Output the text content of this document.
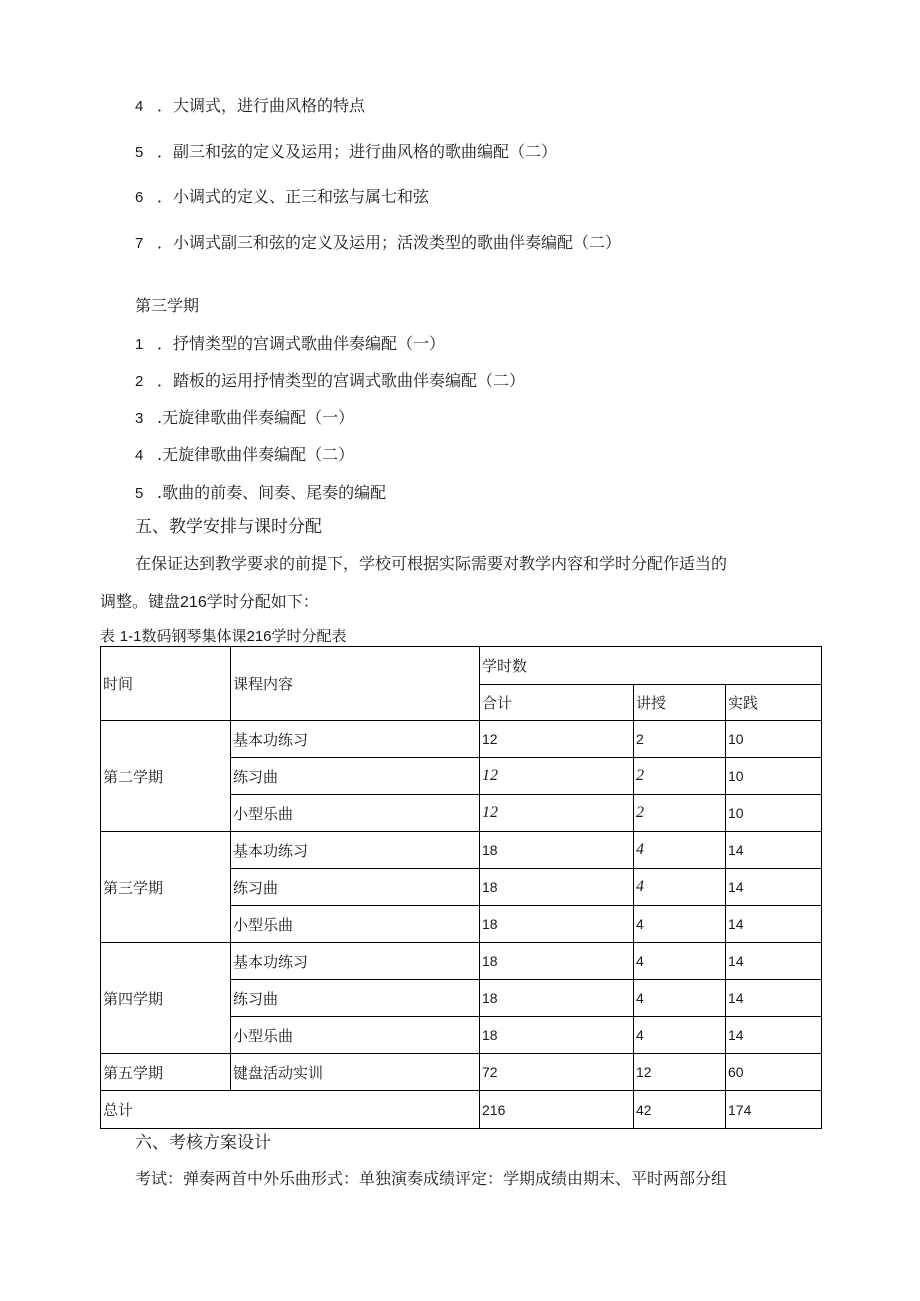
4 ．大调式，进行曲风格的特点
5 ．副三和弦的定义及运用；进行曲风格的歌曲编配（二）
6 ．小调式的定义、正三和弦与属七和弦
7 ．小调式副三和弦的定义及运用；活泼类型的歌曲伴奏编配（二）
第三学期
1 ．抒情类型的宫调式歌曲伴奏编配（一）
2 ．踏板的运用抒情类型的宫调式歌曲伴奏编配（二）
3 .无旋律歌曲伴奏编配（一）
4 .无旋律歌曲伴奏编配（二）
5 .歌曲的前奏、间奏、尾奏的编配
五、教学安排与课时分配
在保证达到教学要求的前提下，学校可根据实际需要对教学内容和学时分配作适当的
调整。键盘216学时分配如下：
表 1-1数码钢琴集体课216学时分配表
时间	课程内容	学时数		
		合计	讲授	实践
第二学期	基本功练习	12	2	10
	练习曲	12	2	10
	小型乐曲	12	2	10
第三学期	基本功练习	18	4	14
	练习曲	18	4	14
	小型乐曲	18	4	14
第四学期	基本功练习	18	4	14
	练习曲	18	4	14
	小型乐曲	18	4	14
第五学期	键盘活动实训	72	12	60
总计		216	42	174
六、考核方案设计
考试：弹奏两首中外乐曲形式：单独演奏成绩评定：学期成绩由期末、平时两部分组
